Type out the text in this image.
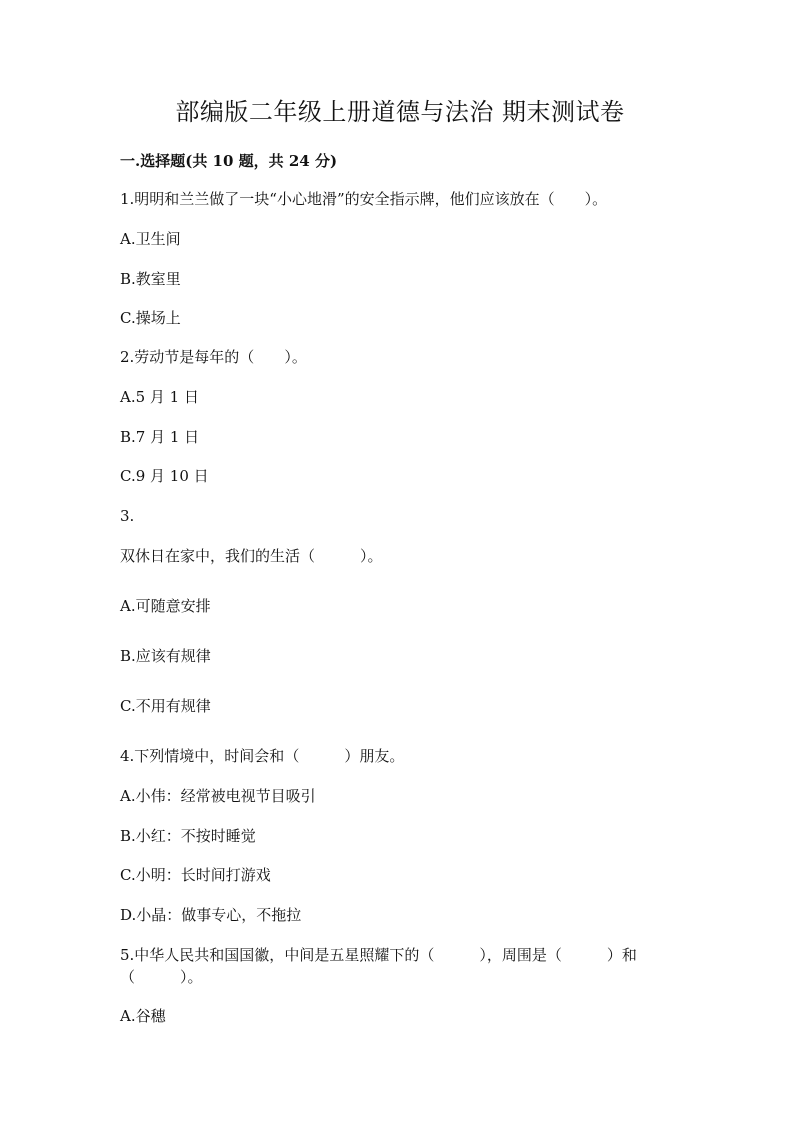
部编版二年级上册道德与法治 期末测试卷
一.选择题(共 10 题，共 24 分)
1.明明和兰兰做了一块“小心地滑”的安全指示牌，他们应该放在（　　）。
A.卫生间
B.教室里
C.操场上
2.劳动节是每年的（　　）。
A.5 月 1 日
B.7 月 1 日
C.9 月 10 日
3.
双休日在家中，我们的生活（　　　）。
A.可随意安排
B.应该有规律
C.不用有规律
4.下列情境中，时间会和（　　　）朋友。
A.小伟：经常被电视节目吸引
B.小红：不按时睡觉
C.小明：长时间打游戏
D.小晶：做事专心，不拖拉
5.中华人民共和国国徽，中间是五星照耀下的（　　　），周围是（　　　）和
（　　　）。
A.谷穗
